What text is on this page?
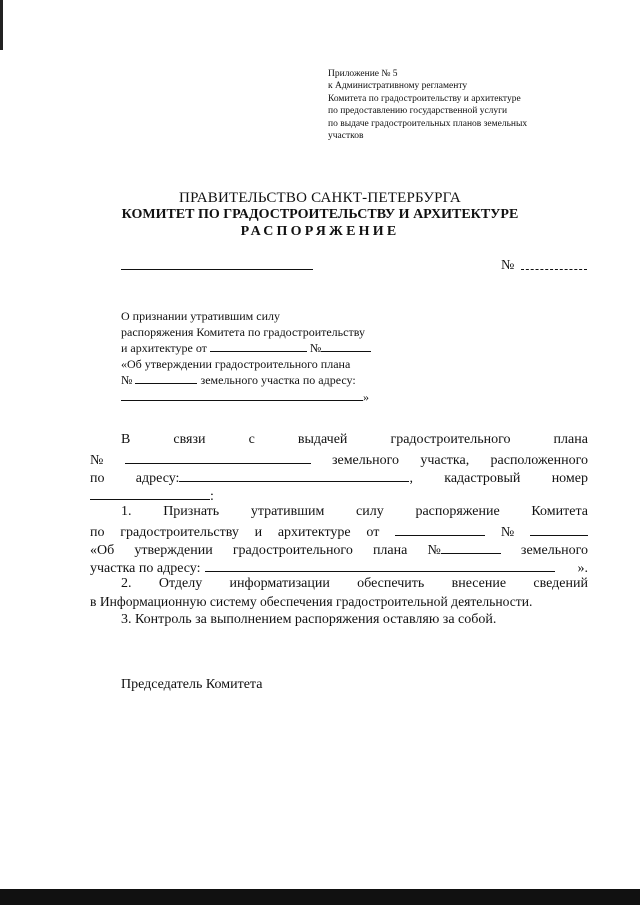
Приложение № 5
к Административному регламенту
Комитета по градостроительству и архитектуре
по предоставлению государственной услуги
по выдаче градостроительных планов земельных
участков
ПРАВИТЕЛЬСТВО САНКТ-ПЕТЕРБУРГА
КОМИТЕТ ПО ГРАДОСТРОИТЕЛЬСТВУ И АРХИТЕКТУРЕ
РАСПОРЯЖЕНИЕ
№
О признании утратившим силу
распоряжения Комитета по градостроительству
и архитектуре от	№
«Об утверждении градостроительного плана
№	земельного участка по адресу:
»
В	связи	с	выдачей	градостроительного	плана
№	земельного участка, расположенного
по адресу:	, кадастровый номер
:
1. Признать утратившим силу распоряжение Комитета
по градостроительству и архитектуре от	№
«Об утверждении градостроительного плана №	земельного
участка по адресу:	».
2. Отделу информатизации обеспечить внесение сведений
в Информационную систему обеспечения градостроительной деятельности.
3. Контроль за выполнением распоряжения оставляю за собой.
Председатель Комитета
